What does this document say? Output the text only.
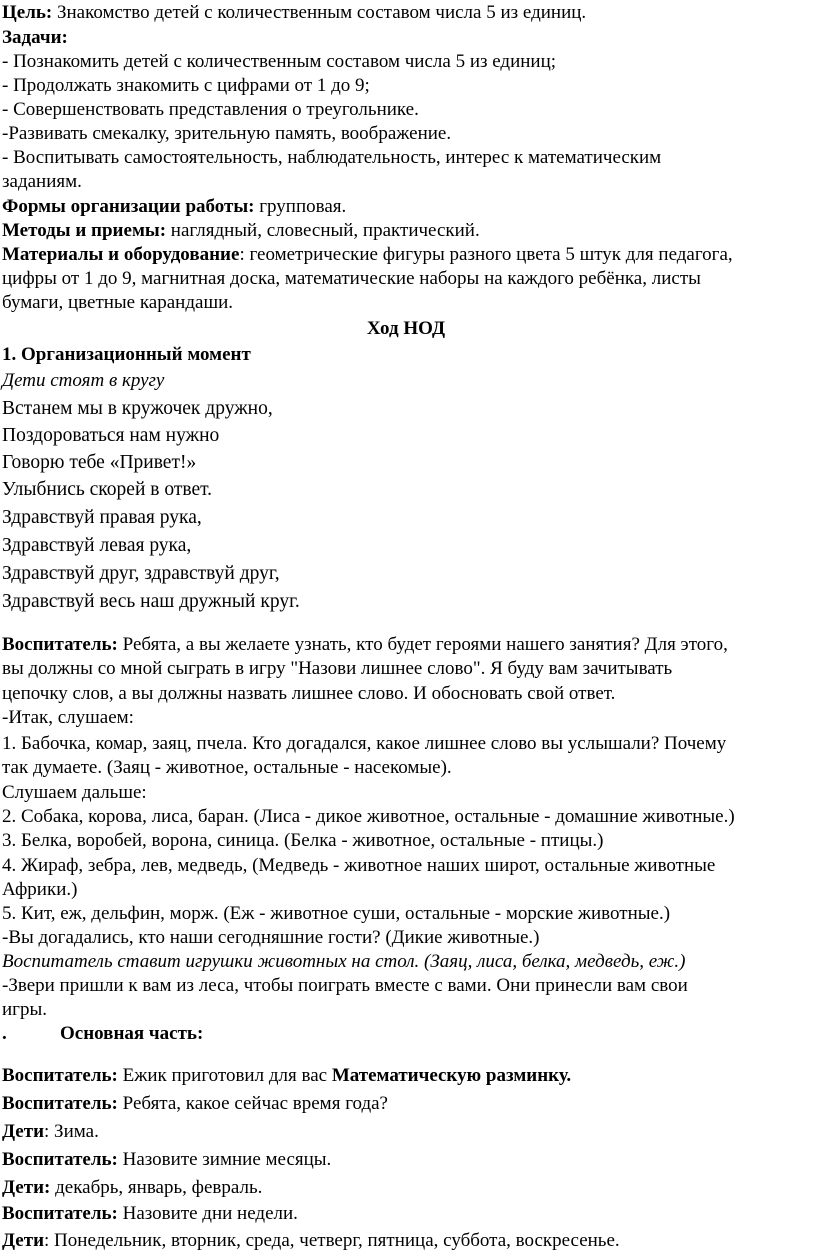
Цель: Знакомство детей с количественным составом числа 5 из единиц.
Задачи:
- Познакомить детей с количественным составом числа 5 из единиц;
- Продолжать знакомить с цифрами от 1 до 9;
- Совершенствовать представления о треугольнике.
-Развивать смекалку, зрительную память, воображение.
- Воспитывать самостоятельность, наблюдательность, интерес к математическим
заданиям.
Формы организации работы: групповая.
Методы и приемы: наглядный, словесный, практический.
Материалы и оборудование: геометрические фигуры разного цвета 5 штук для педагога,
цифры от 1 до 9, магнитная доска, математические наборы на каждого ребёнка, листы
бумаги, цветные карандаши.
Ход НОД
1. Организационный момент
Дети стоят в кругу
Встанем мы в кружочек дружно,
Поздороваться нам нужно
Говорю тебе «Привет!»
Улыбнись скорей в ответ.
Здравствуй правая рука,
Здравствуй левая рука,
Здравствуй друг, здравствуй друг,
Здравствуй весь наш дружный круг.
Воспитатель: Ребята, а вы желаете узнать, кто будет героями нашего занятия? Для этого,
вы должны со мной сыграть в игру "Назови лишнее слово". Я буду вам зачитывать
цепочку слов, а вы должны назвать лишнее слово. И обосновать свой ответ.
-Итак, слушаем:
1. Бабочка, комар, заяц, пчела. Кто догадался, какое лишнее слово вы услышали? Почему
так думаете. (Заяц - животное, остальные - насекомые).
Слушаем дальше:
2. Собака, корова, лиса, баран. (Лиса - дикое животное, остальные - домашние животные.)
3. Белка, воробей, ворона, синица. (Белка - животное, остальные - птицы.)
4. Жираф, зебра, лев, медведь, (Медведь - животное наших широт, остальные животные
Африки.)
5. Кит, еж, дельфин, морж. (Еж - животное суши, остальные - морские животные.)
-Вы догадались, кто наши сегодняшние гости? (Дикие животные.)
Воспитатель ставит игрушки животных на стол. (Заяц, лиса, белка, медведь, еж.)
-Звери пришли к вам из леса, чтобы поиграть вместе с вами. Они принесли вам свои
игры.
.	Основная часть:
Воспитатель: Ежик приготовил для вас Математическую разминку.
Воспитатель: Ребята, какое сейчас время года?
Дети: Зима.
Воспитатель: Назовите зимние месяцы.
Дети: декабрь, январь, февраль.
Воспитатель: Назовите дни недели.
Дети: Понедельник, вторник, среда, четверг, пятница, суббота, воскресенье.
